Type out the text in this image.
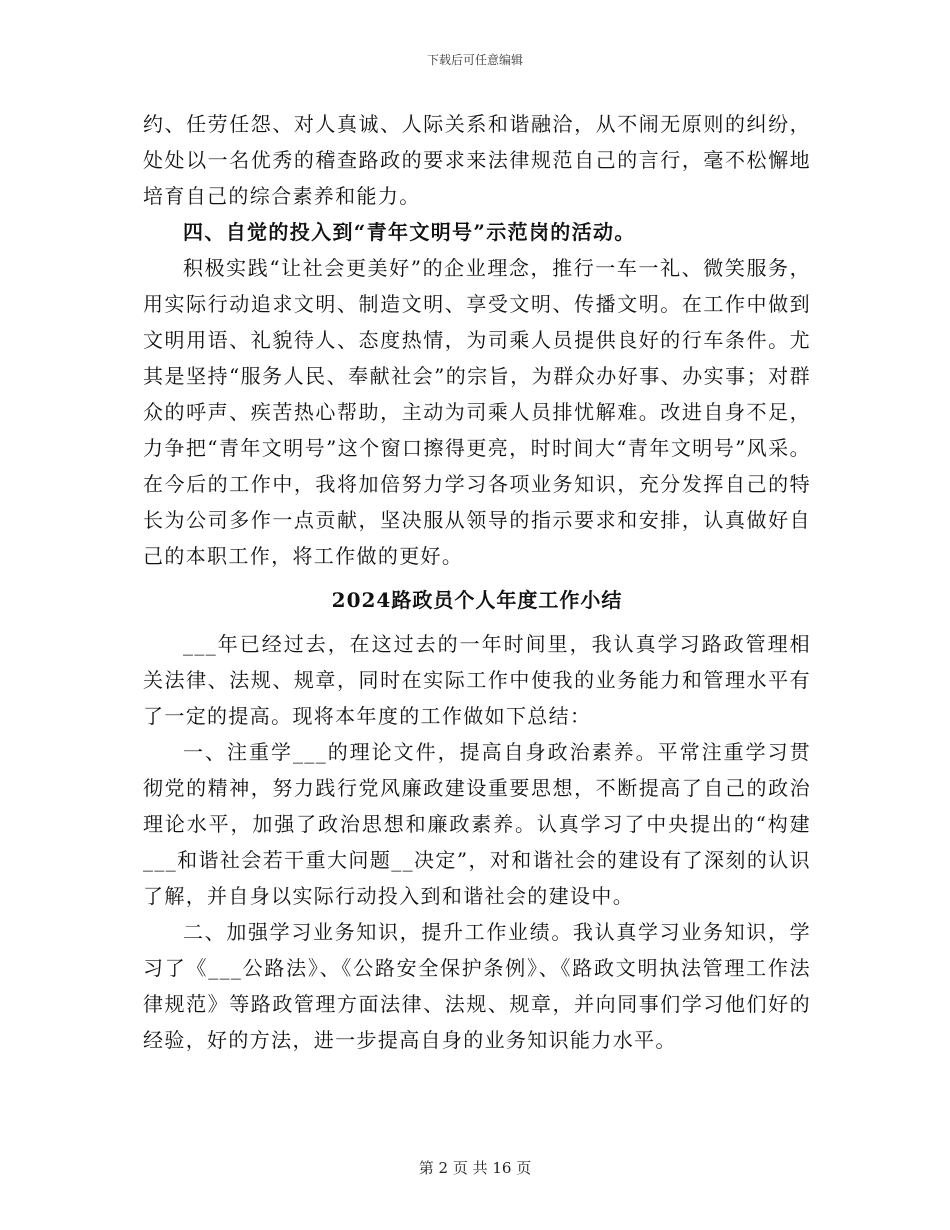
下载后可任意编辑

约、任劳任怨、对人真诚、人际关系和谐融洽，从不闹无原则的纠纷，处处以一名优秀的稽查路政的要求来法律规范自己的言行，毫不松懈地培育自己的综合素养和能力。

四、自觉的投入到“青年文明号”示范岗的活动。

积极实践“让社会更美好”的企业理念，推行一车一礼、微笑服务，用实际行动追求文明、制造文明、享受文明、传播文明。在工作中做到文明用语、礼貌待人、态度热情，为司乘人员提供良好的行车条件。尤其是坚持“服务人民、奉献社会”的宗旨，为群众办好事、办实事；对群众的呼声、疾苦热心帮助，主动为司乘人员排忧解难。改进自身不足，力争把“青年文明号”这个窗口擦得更亮，时时间大“青年文明号”风采。在今后的工作中，我将加倍努力学习各项业务知识，充分发挥自己的特长为公司多作一点贡献，坚决服从领导的指示要求和安排，认真做好自己的本职工作，将工作做的更好。

2024路政员个人年度工作小结

___年已经过去，在这过去的一年时间里，我认真学习路政管理相关法律、法规、规章，同时在实际工作中使我的业务能力和管理水平有了一定的提高。现将本年度的工作做如下总结：

一、注重学___的理论文件，提高自身政治素养。平常注重学习贯彻党的精神，努力践行党风廉政建设重要思想，不断提高了自己的政治理论水平，加强了政治思想和廉政素养。认真学习了中央提出的“构建___和谐社会若干重大问题__决定”，对和谐社会的建设有了深刻的认识了解，并自身以实际行动投入到和谐社会的建设中。

二、加强学习业务知识，提升工作业绩。我认真学习业务知识，学习了《___公路法》、《公路安全保护条例》、《路政文明执法管理工作法律规范》等路政管理方面法律、法规、规章，并向同事们学习他们好的经验，好的方法，进一步提高自身的业务知识能力水平。

第 2 页 共 16 页
